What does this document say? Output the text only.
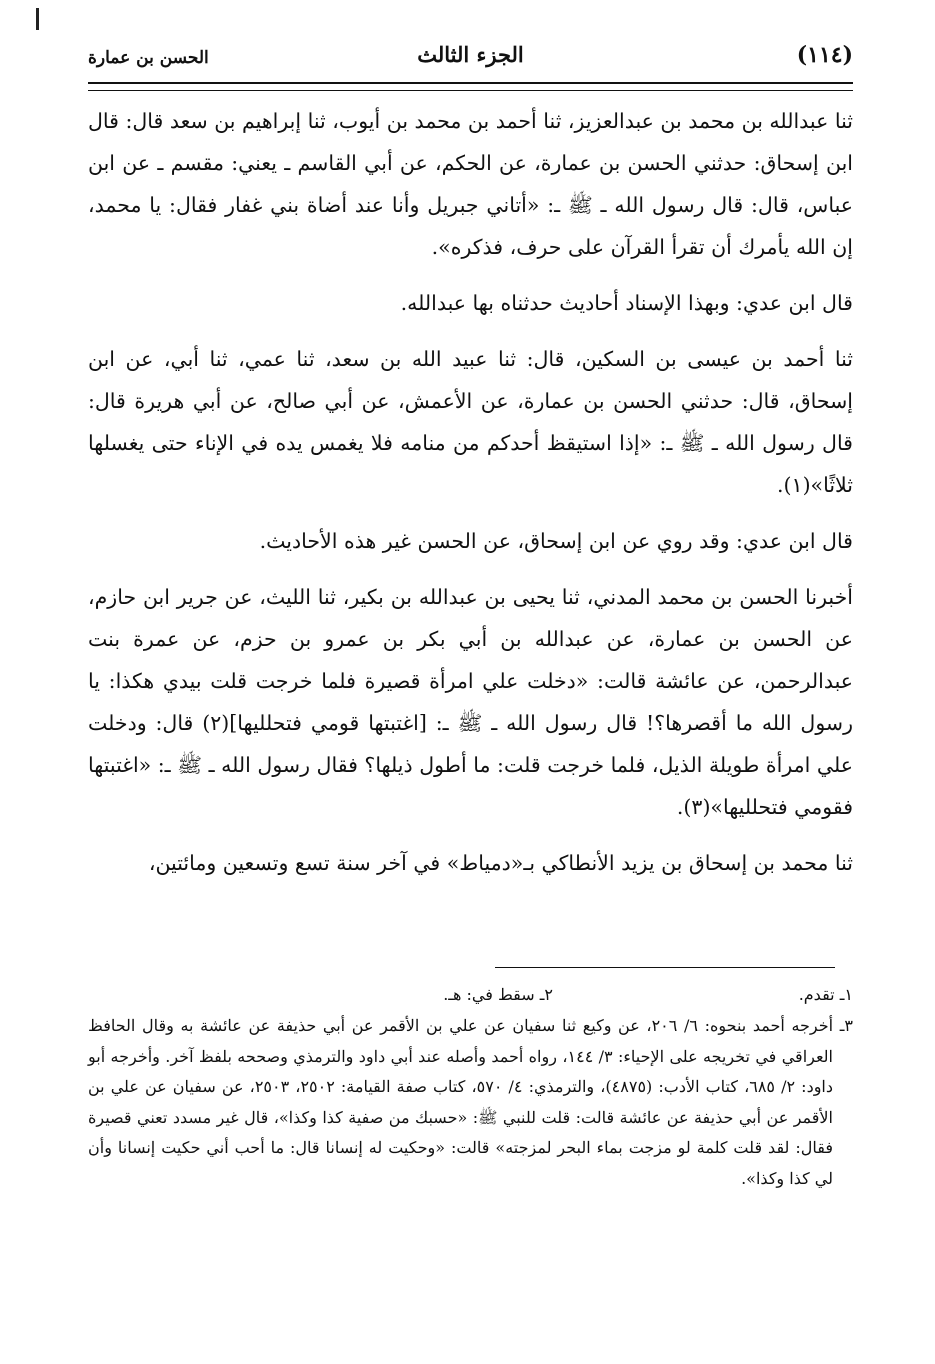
(١١٤)
الجزء الثالث
الحسن بن عمارة

ثنا عبدالله بن محمد بن عبدالعزيز، ثنا أحمد بن محمد بن أيوب، ثنا إبراهيم بن سعد قال: قال ابن إسحاق: حدثني الحسن بن عمارة، عن الحكم، عن أبي القاسم ـ يعني: مقسم ـ عن ابن عباس، قال: قال رسول الله ـ ﷺ ـ: «أتاني جبريل وأنا عند أضاة بني غفار فقال: يا محمد، إن الله يأمرك أن تقرأ القرآن على حرف، فذكره».

قال ابن عدي: وبهذا الإسناد أحاديث حدثناه بها عبدالله.

ثنا أحمد بن عيسى بن السكين، قال: ثنا عبيد الله بن سعد، ثنا عمي، ثنا أبي، عن ابن إسحاق، قال: حدثني الحسن بن عمارة، عن الأعمش، عن أبي صالح، عن أبي هريرة قال: قال رسول الله ـ ﷺ ـ: «إذا استيقظ أحدكم من منامه فلا يغمس يده في الإناء حتى يغسلها ثلاثًا»(١).

قال ابن عدي: وقد روي عن ابن إسحاق، عن الحسن غير هذه الأحاديث.

أخبرنا الحسن بن محمد المدني، ثنا يحيى بن عبدالله بن بكير، ثنا الليث، عن جرير ابن حازم، عن الحسن بن عمارة، عن عبدالله بن أبي بكر بن عمرو بن حزم، عن عمرة بنت عبدالرحمن، عن عائشة قالت: «دخلت علي امرأة قصيرة فلما خرجت قلت بيدي هكذا: يا رسول الله ما أقصرها؟! قال رسول الله ـ ﷺ ـ: [اغتبتها قومي فتحلليها](٢) قال: ودخلت علي امرأة طويلة الذيل، فلما خرجت قلت: ما أطول ذيلها؟ فقال رسول الله ـ ﷺ ـ: «اغتبتها فقومي فتحلليها»(٣).

ثنا محمد بن إسحاق بن يزيد الأنطاكي بـ«دمياط» في آخر سنة تسع وتسعين ومائتين،

١ـ تقدم.
٢ـ سقط في: هـ.

٣ـ أخرجه أحمد بنحوه: ٦/ ٢٠٦، عن وكيع ثنا سفيان عن علي بن الأقمر عن أبي حذيفة عن عائشة به وقال الحافظ العراقي في تخريجه على الإحياء: ٣/ ١٤٤، رواه أحمد وأصله عند أبي داود والترمذي وصححه بلفظ آخر. وأخرجه أبو داود: ٢/ ٦٨٥، كتاب الأدب: (٤٨٧٥)، والترمذي: ٤/ ٥٧٠، كتاب صفة القيامة: ٢٥٠٢، ٢٥٠٣، عن سفيان عن علي بن الأقمر عن أبي حذيفة عن عائشة قالت: قلت للنبي ﷺ: «حسبك من صفية كذا وكذا»، قال غير مسدد تعني قصيرة فقال: لقد قلت كلمة لو مزجت بماء البحر لمزجته» قالت: «وحكيت له إنسانا قال: ما أحب أني حكيت إنسانا وأن لي كذا وكذا».
